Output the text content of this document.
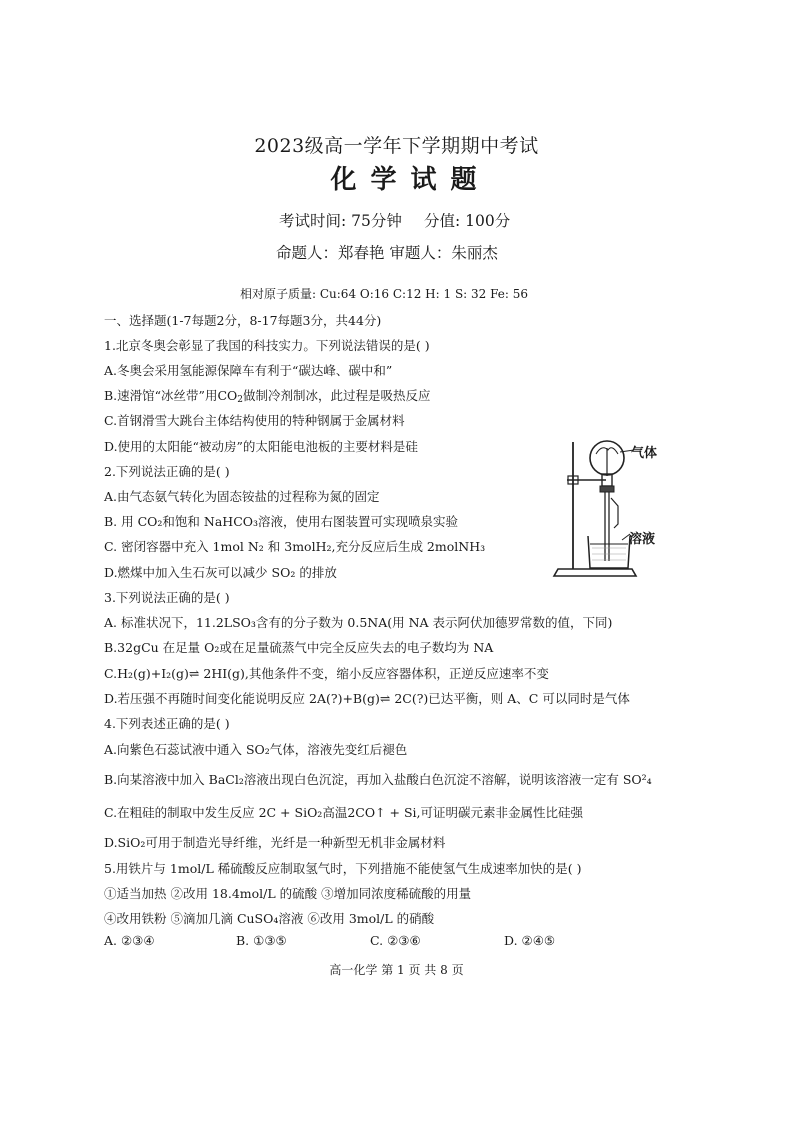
2023级高一学年下学期期中考试
化学试题
考试时间: 75分钟 分值: 100分
命题人：郑春艳 审题人：朱丽杰
相对原子质量: Cu:64 O:16 C:12 H: 1 S: 32 Fe: 56
一、选择题(1-7每题2分，8-17每题3分，共44分)
1.北京冬奥会彰显了我国的科技实力。下列说法错误的是( )
A.冬奥会采用氢能源保障车有利于“碳达峰、碳中和”
B.速滑馆“冰丝带”用$CO_2$做制冷剂制冰，此过程是吸热反应
C.首钢滑雪大跳台主体结构使用的特种钢属于金属材料
D.使用的太阳能“被动房”的太阳能电池板的主要材料是硅
2.下列说法正确的是( )
A.由气态氨气转化为固态铵盐的过程称为氮的固定
B. 用 CO₂和饱和 NaHCO₃溶液，使用右图装置可实现喷泉实验
C. 密闭容器中充入 1mol N₂ 和 3molH₂,充分反应后生成 2molNH₃
D.燃煤中加入生石灰可以减少 SO₂ 的排放
气体
溶液
3.下列说法正确的是( )
A. 标准状况下，11.2LSO₃含有的分子数为 0.5NA(用 NA 表示阿伏加德罗常数的值，下同)
B.32gCu 在足量 O₂或在足量硫蒸气中完全反应失去的电子数均为 NA
C.H₂(g)+I₂(g)⇌ 2HI(g),其他条件不变，缩小反应容器体积，正逆反应速率不变
D.若压强不再随时间变化能说明反应 2A(?)+B(g)⇌ 2C(?)已达平衡，则 A、C 可以同时是气体
4.下列表述正确的是( )
A.向紫色石蕊试液中通入 SO₂气体，溶液先变红后褪色
B.向某溶液中加入 BaCl₂溶液出现白色沉淀，再加入盐酸白色沉淀不溶解，说明该溶液一定有 SO²₄
C.在粗硅的制取中发生反应 2C + SiO₂高温2CO↑ + Si,可证明碳元素非金属性比硅强
D.SiO₂可用于制造光导纤维，光纤是一种新型无机非金属材料
5.用铁片与 1mol/L 稀硫酸反应制取氢气时，下列措施不能使氢气生成速率加快的是( )
①适当加热 ②改用 18.4mol/L 的硫酸 ③增加同浓度稀硫酸的用量
④改用铁粉 ⑤滴加几滴 CuSO₄溶液 ⑥改用 3mol/L 的硝酸
A. ②③④	B. ①③⑤	C. ②③⑥	D. ②④⑤
高一化学 第 1 页 共 8 页
